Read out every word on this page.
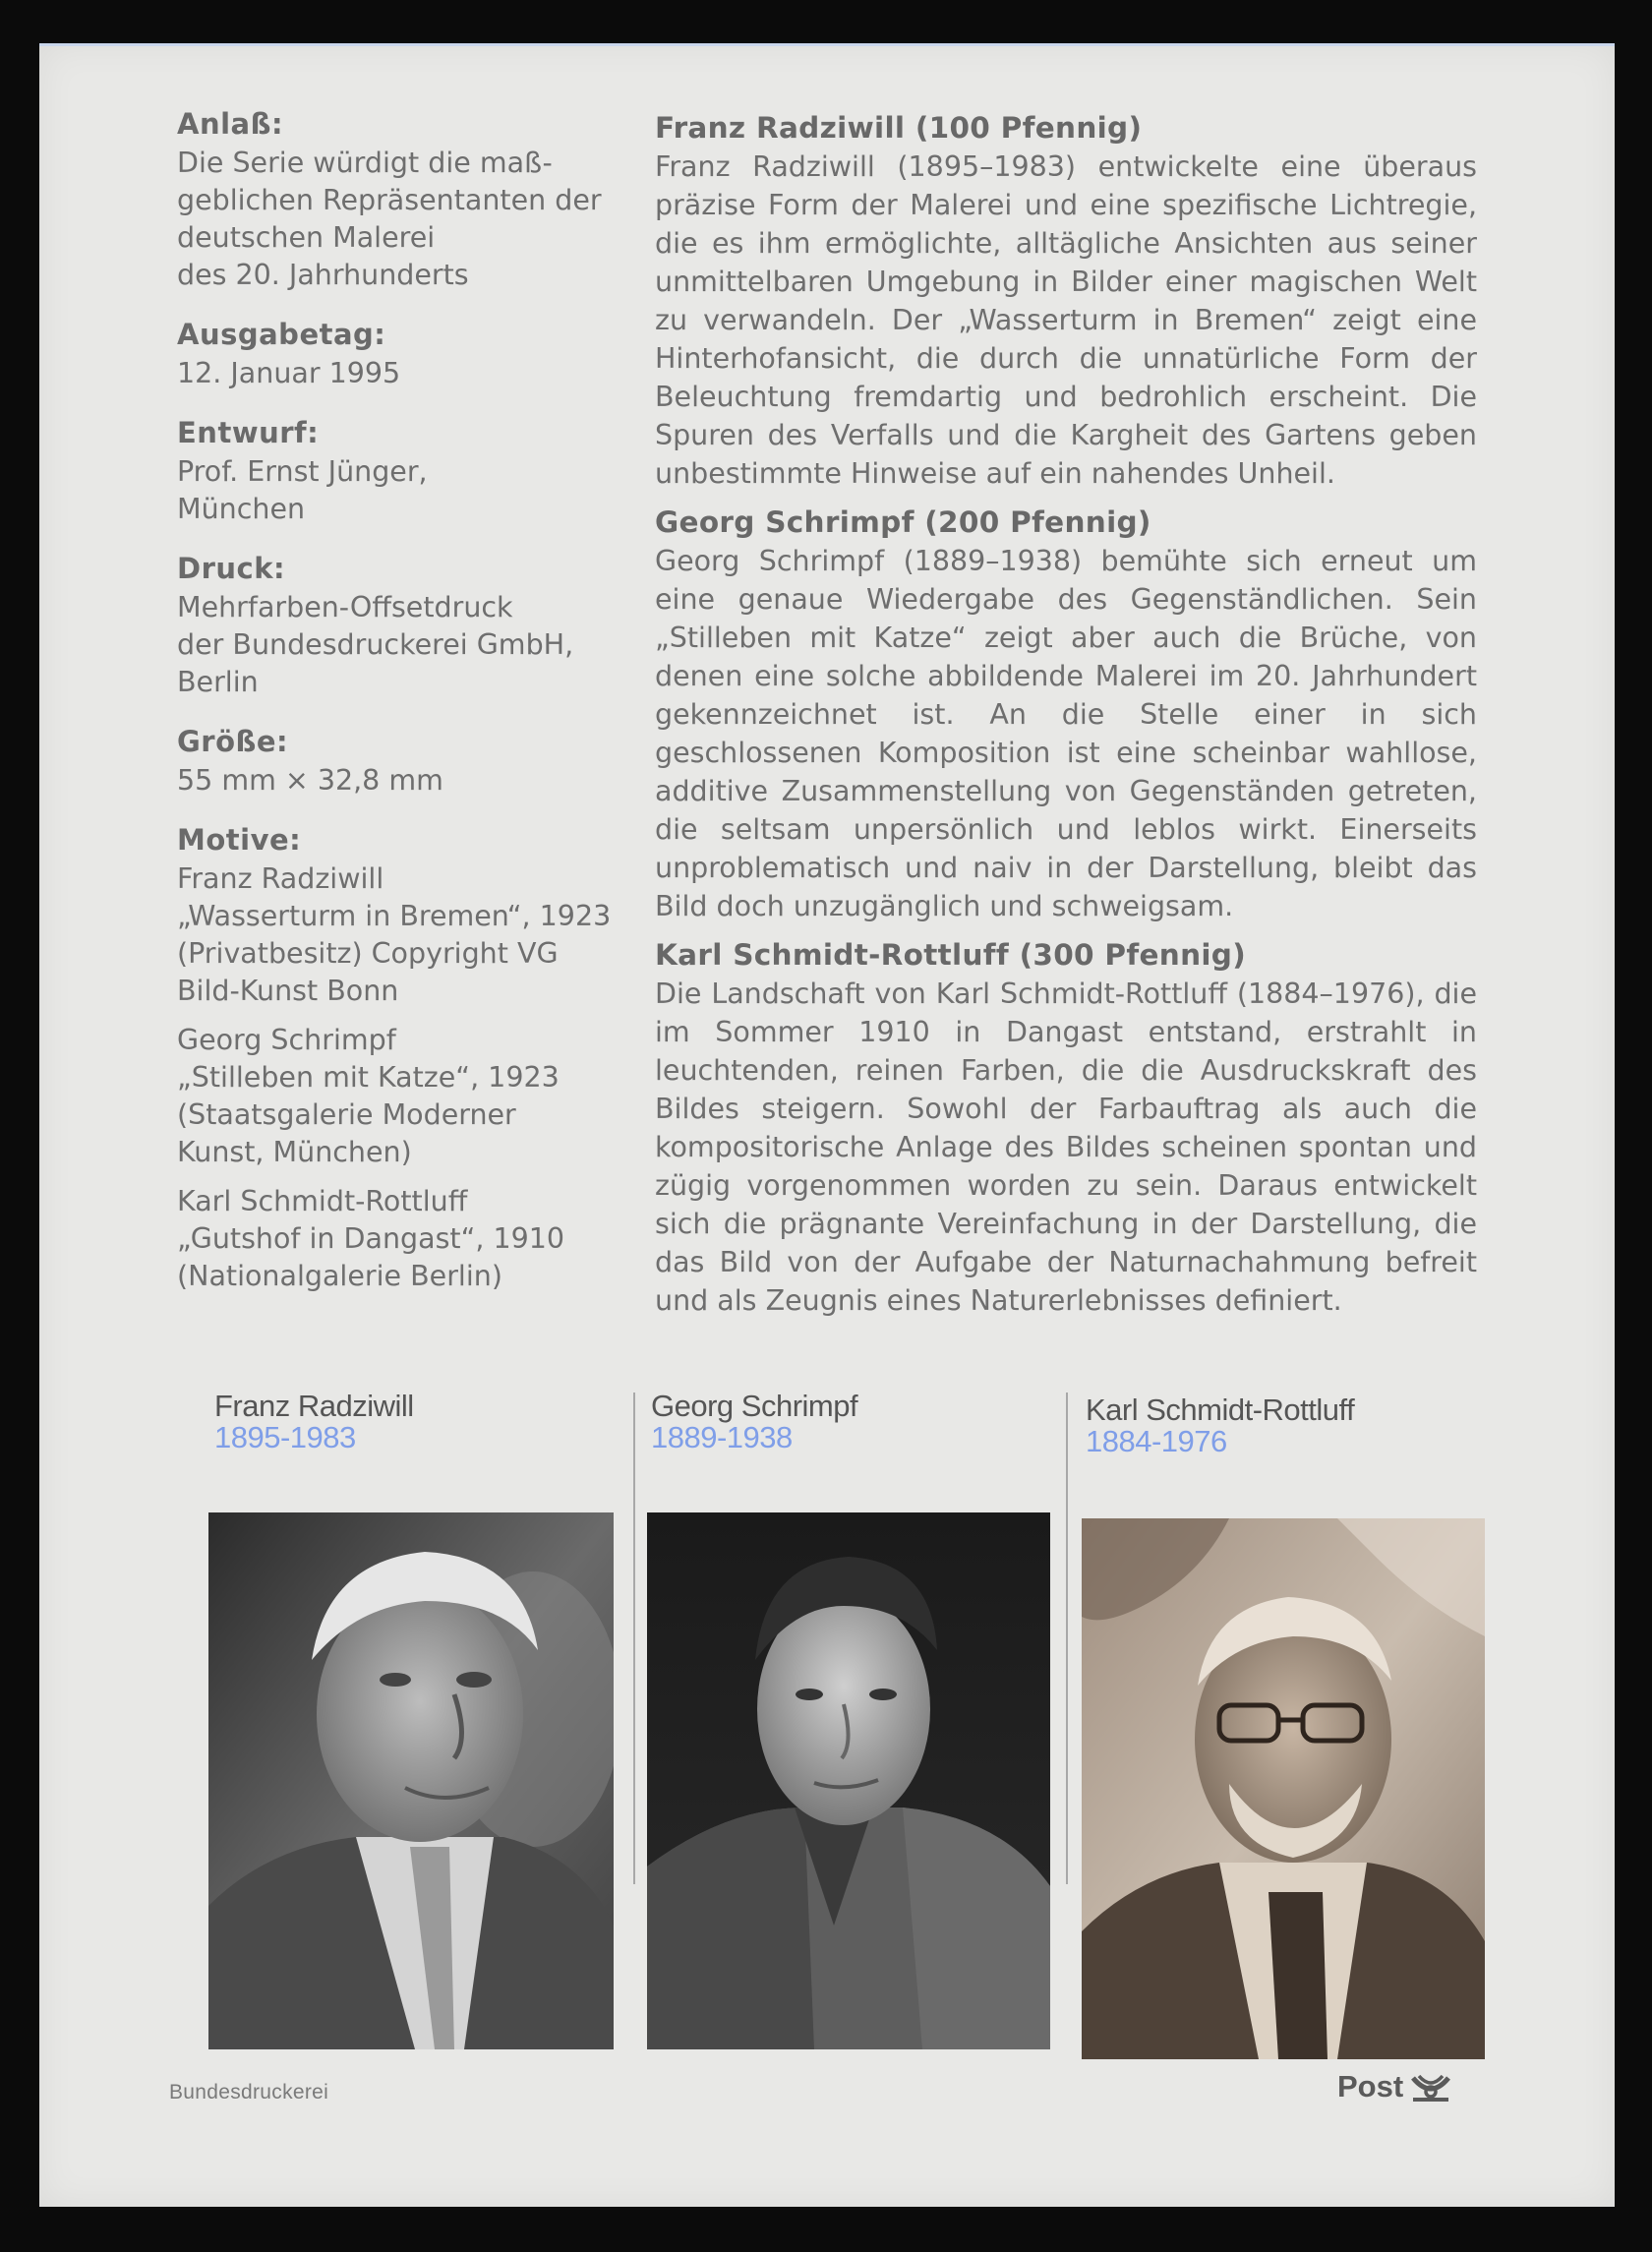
Anlaß:
Die Serie würdigt die maß-
geblichen Repräsentanten der
deutschen Malerei
des 20. Jahrhunderts
Ausgabetag:
12. Januar 1995
Entwurf:
Prof. Ernst Jünger,
München
Druck:
Mehrfarben-Offsetdruck
der Bundesdruckerei GmbH,
Berlin
Größe:
55 mm × 32,8 mm
Motive:
Franz Radziwill
„Wasserturm in Bremen“, 1923
(Privatbesitz) Copyright VG
Bild-Kunst Bonn
Georg Schrimpf
„Stilleben mit Katze“, 1923
(Staatsgalerie Moderner
Kunst, München)
Karl Schmidt-Rottluff
„Gutshof in Dangast“, 1910
(Nationalgalerie Berlin)
Franz Radziwill (100 Pfennig)

Franz Radziwill (1895–1983) entwickelte eine überaus präzise Form der Malerei und eine spezifische Lichtregie, die es ihm ermöglichte, alltägliche Ansichten aus seiner unmittelbaren Umgebung in Bilder einer magischen Welt zu verwandeln. Der „Wasserturm in Bremen“ zeigt eine Hinterhofansicht, die durch die unnatürliche Form der Beleuchtung fremdartig und bedrohlich erscheint. Die Spuren des Verfalls und die Kargheit des Gartens geben unbestimmte Hinweise auf ein nahendes Unheil.

Georg Schrimpf (200 Pfennig)

Georg Schrimpf (1889–1938) bemühte sich erneut um eine genaue Wiedergabe des Gegenständlichen. Sein „Stilleben mit Katze“ zeigt aber auch die Brüche, von denen eine solche abbildende Malerei im 20. Jahrhundert gekennzeichnet ist. An die Stelle einer in sich geschlossenen Komposition ist eine scheinbar wahllose, additive Zusammenstellung von Gegenständen getreten, die seltsam unpersönlich und leblos wirkt. Einerseits unproblematisch und naiv in der Darstellung, bleibt das Bild doch unzugänglich und schweigsam.

Karl Schmidt-Rottluff (300 Pfennig)

Die Landschaft von Karl Schmidt-Rottluff (1884–1976), die im Sommer 1910 in Dangast entstand, erstrahlt in leuchtenden, reinen Farben, die die Ausdruckskraft des Bildes steigern. Sowohl der Farbauftrag als auch die kompositorische Anlage des Bildes scheinen spontan und zügig vorgenommen worden zu sein. Daraus entwickelt sich die prägnante Vereinfachung in der Darstellung, die das Bild von der Aufgabe der Naturnachahmung befreit und als Zeugnis eines Naturerlebnisses definiert.

Franz Radziwill
1895-1983
Georg Schrimpf
1889-1938
Karl Schmidt-Rottluff
1884-1976
Bundesdruckerei	Post
